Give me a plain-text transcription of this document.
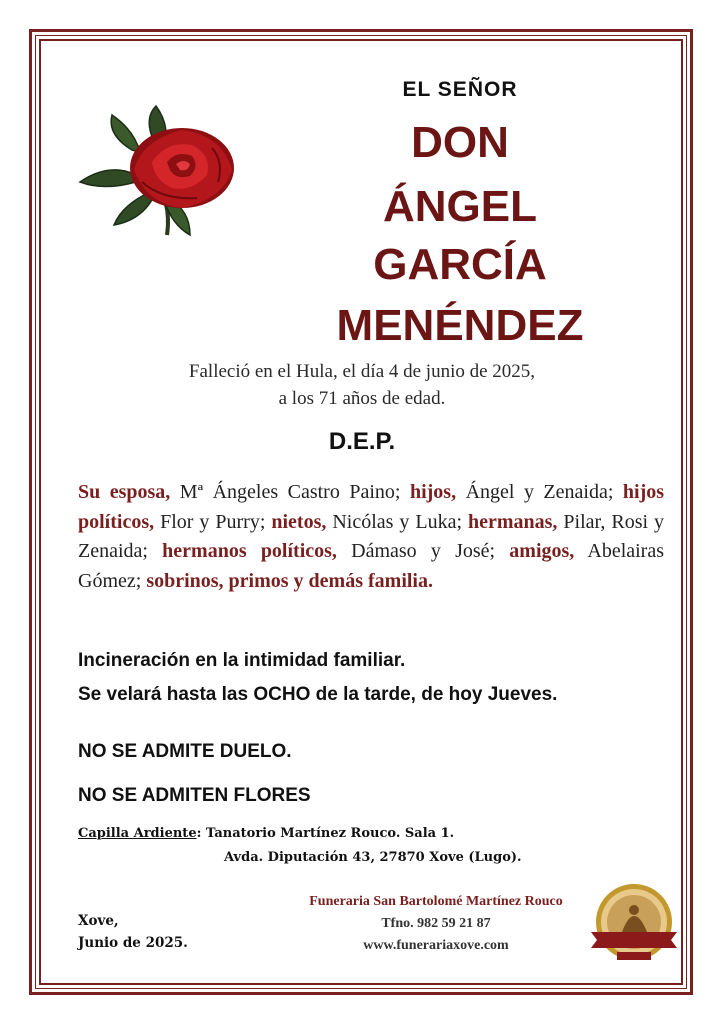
EL SEÑOR
DON
ÁNGEL
GARCÍA
MENÉNDEZ
Falleció en el Hula, el día 4 de junio de 2025,
a los 71 años de edad.
D.E.P.
Su esposa, Mª Ángeles Castro Paino; hijos, Ángel y Zenaida; hijos políticos, Flor y Purry; nietos, Nicólas y Luka; hermanas, Pilar, Rosi y Zenaida; hermanos políticos, Dámaso y José; amigos, Abelairas Gómez; sobrinos, primos y demás familia.
Incineración en la intimidad familiar.
Se velará hasta las OCHO de la tarde, de hoy Jueves.
NO SE ADMITE DUELO.
NO SE ADMITEN FLORES
Capilla Ardiente: Tanatorio Martínez Rouco. Sala 1.
Avda. Diputación 43, 27870 Xove (Lugo).
Xove,
Junio de 2025.
Funeraria San Bartolomé Martínez Rouco
Tfno. 982 59 21 87
www.funerariaxove.com
